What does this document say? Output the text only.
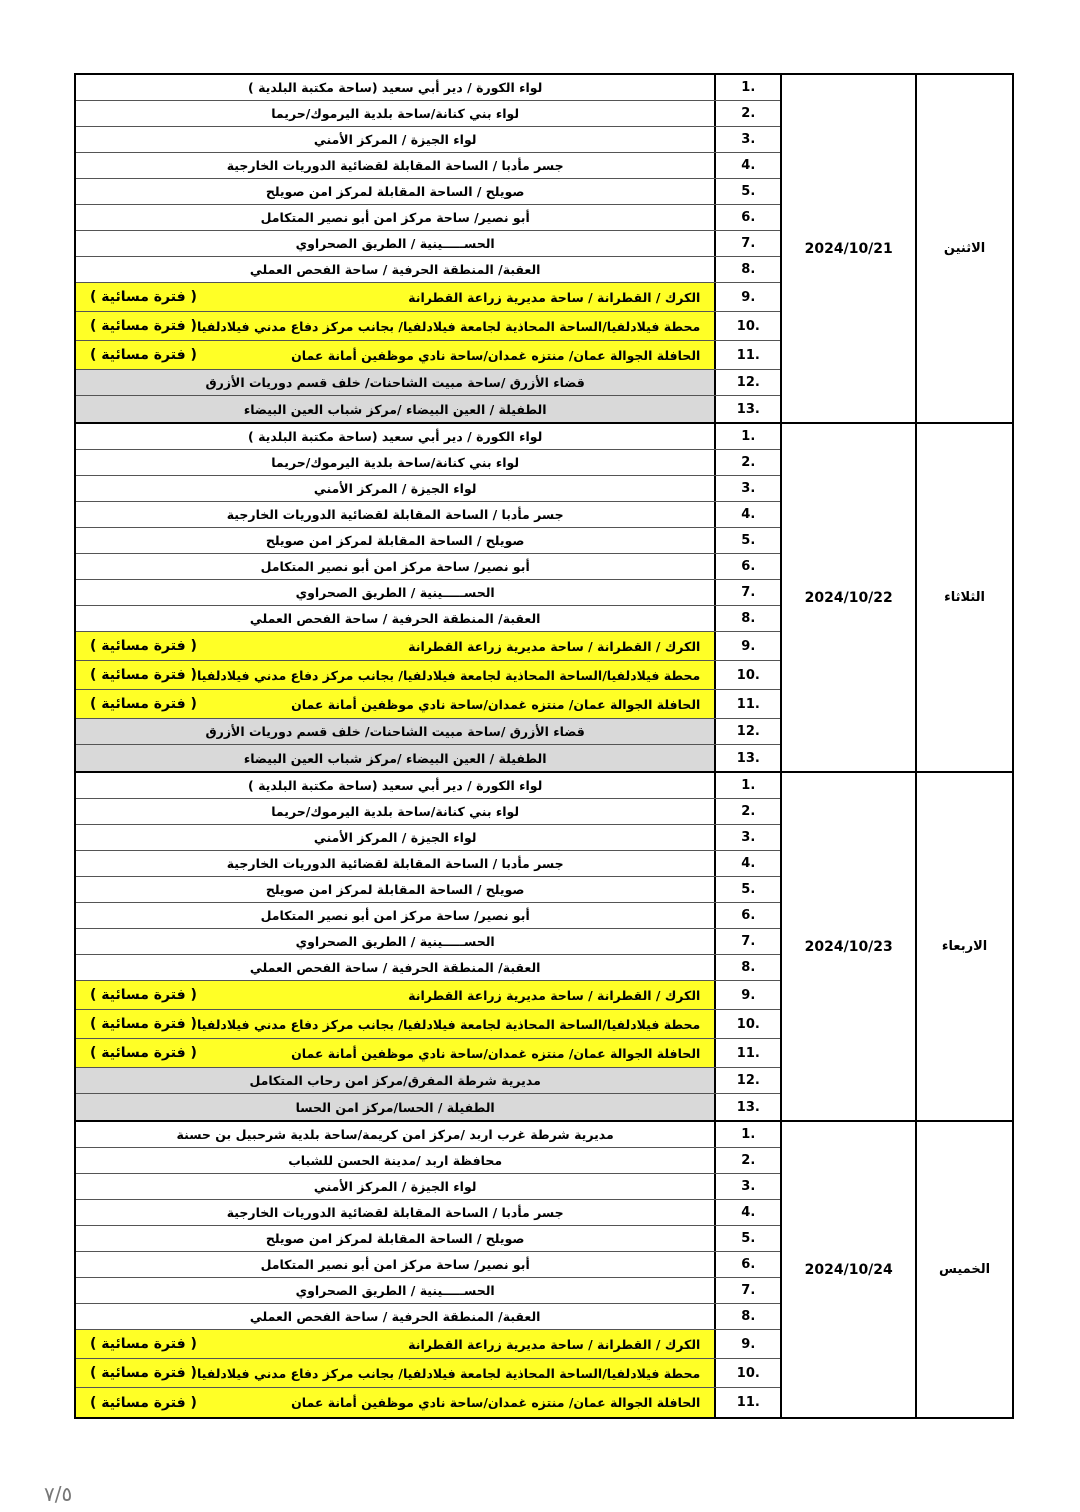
الاثنين
2024/10/21
1.
لواء الكورة / دير أبي سعيد (ساحة مكتبة البلدية )
2.
لواء بني كنانة/ساحة بلدية اليرموك/حريما
3.
لواء الجيزة / المركز الأمني
4.
جسر مأدبا / الساحة المقابلة لقضائية الدوريات الخارجية
5.
صويلح / الساحة المقابلة لمركز امن صويلح
6.
أبو نصير/ ساحة مركز امن أبو نصير المتكامل
7.
الحســـــينية / الطريق الصحراوي
8.
العقبة/ المنطقة الحرفية / ساحة الفحص العملي
9.
الكرك / القطرانة / ساحة مديرية زراعة القطرانة
( فترة مسائية )
10.
محطة فيلادلفيا/الساحة المحاذية لجامعة فيلادلفيا/ بجانب مركز دفاع مدني فيلادلفيا
( فترة مسائية )
11.
الحافلة الجوالة عمان/ منتزه غمدان/ساحة نادي موظفين أمانة عمان
( فترة مسائية )
12.
قضاء الأزرق /ساحة مبيت الشاحنات/ خلف قسم دوريات الأزرق
13.
الطفيلة / العين البيضاء /مركز شباب العين البيضاء
الثلاثاء
2024/10/22
1.
لواء الكورة / دير أبي سعيد (ساحة مكتبة البلدية )
2.
لواء بني كنانة/ساحة بلدية اليرموك/حريما
3.
لواء الجيزة / المركز الأمني
4.
جسر مأدبا / الساحة المقابلة لقضائية الدوريات الخارجية
5.
صويلح / الساحة المقابلة لمركز امن صويلح
6.
أبو نصير/ ساحة مركز امن أبو نصير المتكامل
7.
الحســـــينية / الطريق الصحراوي
8.
العقبة/ المنطقة الحرفية / ساحة الفحص العملي
9.
الكرك / القطرانة / ساحة مديرية زراعة القطرانة
( فترة مسائية )
10.
محطة فيلادلفيا/الساحة المحاذية لجامعة فيلادلفيا/ بجانب مركز دفاع مدني فيلادلفيا
( فترة مسائية )
11.
الحافلة الجوالة عمان/ منتزه غمدان/ساحة نادي موظفين أمانة عمان
( فترة مسائية )
12.
قضاء الأزرق /ساحة مبيت الشاحنات/ خلف قسم دوريات الأزرق
13.
الطفيلة / العين البيضاء /مركز شباب العين البيضاء
الاربعاء
2024/10/23
1.
لواء الكورة / دير أبي سعيد (ساحة مكتبة البلدية )
2.
لواء بني كنانة/ساحة بلدية اليرموك/حريما
3.
لواء الجيزة / المركز الأمني
4.
جسر مأدبا / الساحة المقابلة لقضائية الدوريات الخارجية
5.
صويلح / الساحة المقابلة لمركز امن صويلح
6.
أبو نصير/ ساحة مركز امن أبو نصير المتكامل
7.
الحســـــينية / الطريق الصحراوي
8.
العقبة/ المنطقة الحرفية / ساحة الفحص العملي
9.
الكرك / القطرانة / ساحة مديرية زراعة القطرانة
( فترة مسائية )
10.
محطة فيلادلفيا/الساحة المحاذية لجامعة فيلادلفيا/ بجانب مركز دفاع مدني فيلادلفيا
( فترة مسائية )
11.
الحافلة الجوالة عمان/ منتزه غمدان/ساحة نادي موظفين أمانة عمان
( فترة مسائية )
12.
مديرية شرطة المفرق/مركز امن رحاب المتكامل
13.
الطفيلة / الحسا/مركز امن الحسا
الخميس
2024/10/24
1.
مديرية شرطة غرب اربد /مركز امن كريمة/ساحة بلدية شرحبيل بن حسنة
2.
محافظة اربد /مدينة الحسن للشباب
3.
لواء الجيزة / المركز الأمني
4.
جسر مأدبا / الساحة المقابلة لقضائية الدوريات الخارجية
5.
صويلح / الساحة المقابلة لمركز امن صويلح
6.
أبو نصير/ ساحة مركز امن أبو نصير المتكامل
7.
الحســـــينية / الطريق الصحراوي
8.
العقبة/ المنطقة الحرفية / ساحة الفحص العملي
9.
الكرك / القطرانة / ساحة مديرية زراعة القطرانة
( فترة مسائية )
10.
محطة فيلادلفيا/الساحة المحاذية لجامعة فيلادلفيا/ بجانب مركز دفاع مدني فيلادلفيا
( فترة مسائية )
11.
الحافلة الجوالة عمان/ منتزه غمدان/ساحة نادي موظفين أمانة عمان
( فترة مسائية )
٧/٥
